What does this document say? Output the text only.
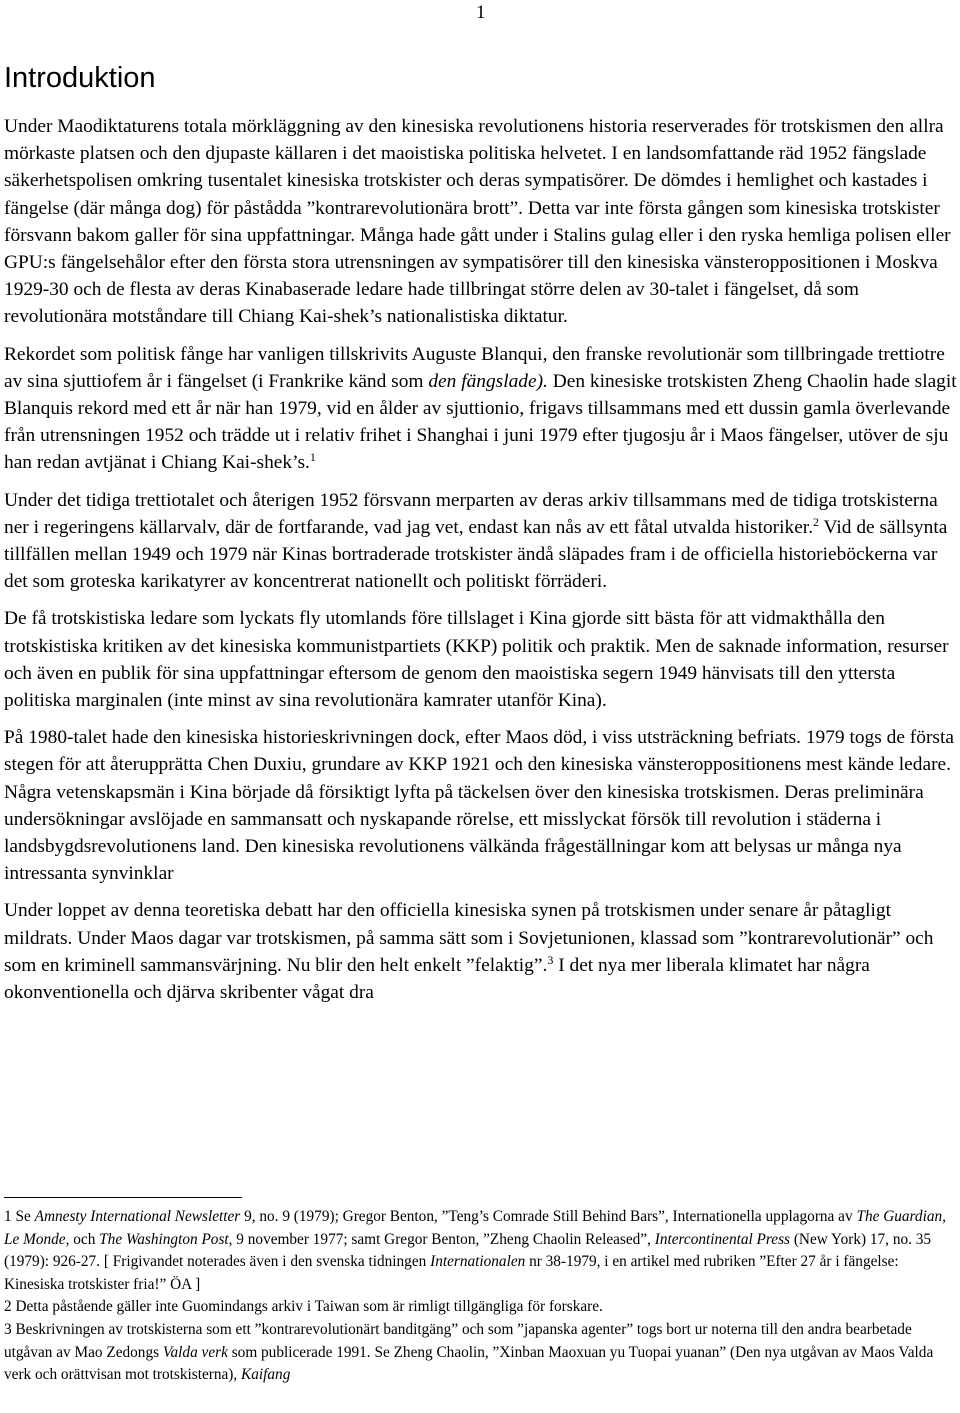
1
Introduktion

Under Maodiktaturens totala mörkläggning av den kinesiska revolutionens historia reserverades för trotskismen den allra mörkaste platsen och den djupaste källaren i det maoistiska politiska helvetet. I en landsomfattande räd 1952 fängslade säkerhetspolisen omkring tusentalet kinesiska trotskister och deras sympatisörer. De dömdes i hemlighet och kastades i fängelse (där många dog) för påstådda ”kontrarevolutionära brott”. Detta var inte första gången som kinesiska trotskister försvann bakom galler för sina uppfattningar. Många hade gått under i Stalins gulag eller i den ryska hemliga polisen eller GPU:s fängelsehålor efter den första stora utrensningen av sympatisörer till den kinesiska vänsteroppositionen i Moskva 1929-30 och de flesta av deras Kinabaserade ledare hade tillbringat större delen av 30-talet i fängelset, då som revolutionära motståndare till Chiang Kai-shek’s nationalistiska diktatur.

Rekordet som politisk fånge har vanligen tillskrivits Auguste Blanqui, den franske revolutionär som tillbringade trettiotre av sina sjuttiofem år i fängelset (i Frankrike känd som den fängslade). Den kinesiske trotskisten Zheng Chaolin hade slagit Blanquis rekord med ett år när han 1979, vid en ålder av sjuttionio, frigavs tillsammans med ett dussin gamla överlevande från utrensningen 1952 och trädde ut i relativ frihet i Shanghai i juni 1979 efter tjugosju år i Maos fängelser, utöver de sju han redan avtjänat i Chiang Kai-shek’s.$^1$

Under det tidiga trettiotalet och återigen 1952 försvann merparten av deras arkiv tillsammans med de tidiga trotskisterna ner i regeringens källarvalv, där de fortfarande, vad jag vet, endast kan nås av ett fåtal utvalda historiker.$^2$ Vid de sällsynta tillfällen mellan 1949 och 1979 när Kinas bortraderade trotskister ändå släpades fram i de officiella historieböckerna var det som groteska karikatyrer av koncentrerat nationellt och politiskt förräderi.

De få trotskistiska ledare som lyckats fly utomlands före tillslaget i Kina gjorde sitt bästa för att vidmakthålla den trotskistiska kritiken av det kinesiska kommunistpartiets (KKP) politik och praktik. Men de saknade information, resurser och även en publik för sina uppfattningar eftersom de genom den maoistiska segern 1949 hänvisats till den yttersta politiska marginalen (inte minst av sina revolutionära kamrater utanför Kina).

På 1980-talet hade den kinesiska historieskrivningen dock, efter Maos död, i viss utsträckning befriats. 1979 togs de första stegen för att återupprätta Chen Duxiu, grundare av KKP 1921 och den kinesiska vänsteroppositionens mest kände ledare. Några vetenskapsmän i Kina började då försiktigt lyfta på täckelsen över den kinesiska trotskismen. Deras preliminära undersökningar avslöjade en sammansatt och nyskapande rörelse, ett misslyckat försök till revolution i städerna i landsbygdsrevolutionens land. Den kinesiska revolutionens välkända frågeställningar kom att belysas ur många nya intressanta synvinklar

Under loppet av denna teoretiska debatt har den officiella kinesiska synen på trotskismen under senare år påtagligt mildrats. Under Maos dagar var trotskismen, på samma sätt som i Sovjetunionen, klassad som ”kontrarevolutionär” och som en kriminell sammansvärjning. Nu blir den helt enkelt ”felaktig”.$^3$ I det nya mer liberala klimatet har några okonventionella och djärva skribenter vågat dra

1 Se Amnesty International Newsletter 9, no. 9 (1979); Gregor Benton, ”Teng’s Comrade Still Behind Bars”, Internationella upplagorna av The Guardian, Le Monde, och The Washington Post, 9 november 1977; samt Gregor Benton, ”Zheng Chaolin Released”, Intercontinental Press (New York) 17, no. 35 (1979): 926-27. [ Frigivandet noterades även i den svenska tidningen Internationalen nr 38-1979, i en artikel med rubriken ”Efter 27 år i fängelse: Kinesiska trotskister fria!” ÖA ]

2 Detta påstående gäller inte Guomindangs arkiv i Taiwan som är rimligt tillgängliga för forskare.

3 Beskrivningen av trotskisterna som ett ”kontrarevolutionärt banditgäng” och som ”japanska agenter” togs bort ur noterna till den andra bearbetade utgåvan av Mao Zedongs Valda verk som publicerade 1991. Se Zheng Chaolin, ”Xinban Maoxuan yu Tuopai yuanan” (Den nya utgåvan av Maos Valda verk och orättvisan mot trotskisterna), Kaifang
